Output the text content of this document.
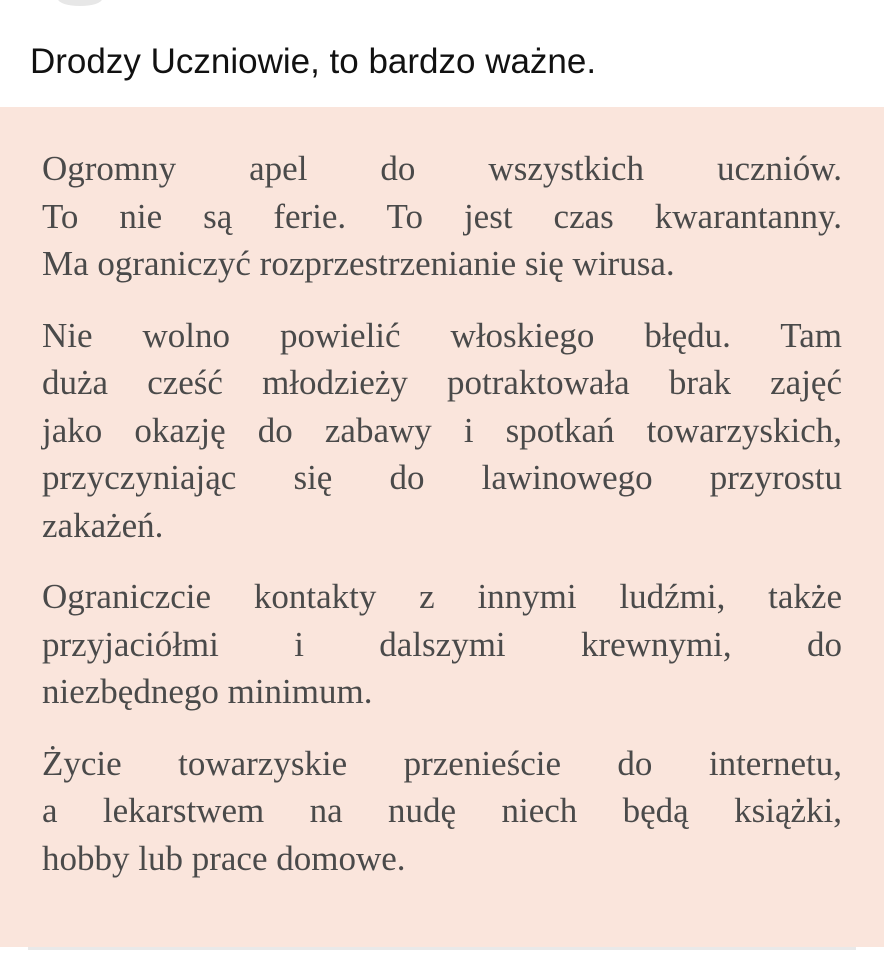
Drodzy Uczniowie, to bardzo ważne.

Ogromny apel do wszystkich uczniów.
To nie są ferie. To jest czas kwarantanny.
Ma ograniczyć rozprzestrzenianie się wirusa.

Nie wolno powielić włoskiego błędu. Tam
duża cześć młodzieży potraktowała brak zajęć
jako okazję do zabawy i spotkań towarzyskich,
przyczyniając się do lawinowego przyrostu
zakażeń.

Ograniczcie kontakty z innymi ludźmi, także
przyjaciółmi i dalszymi krewnymi, do
niezbędnego minimum.

Życie towarzyskie przenieście do internetu,
a lekarstwem na nudę niech będą książki,
hobby lub prace domowe.
